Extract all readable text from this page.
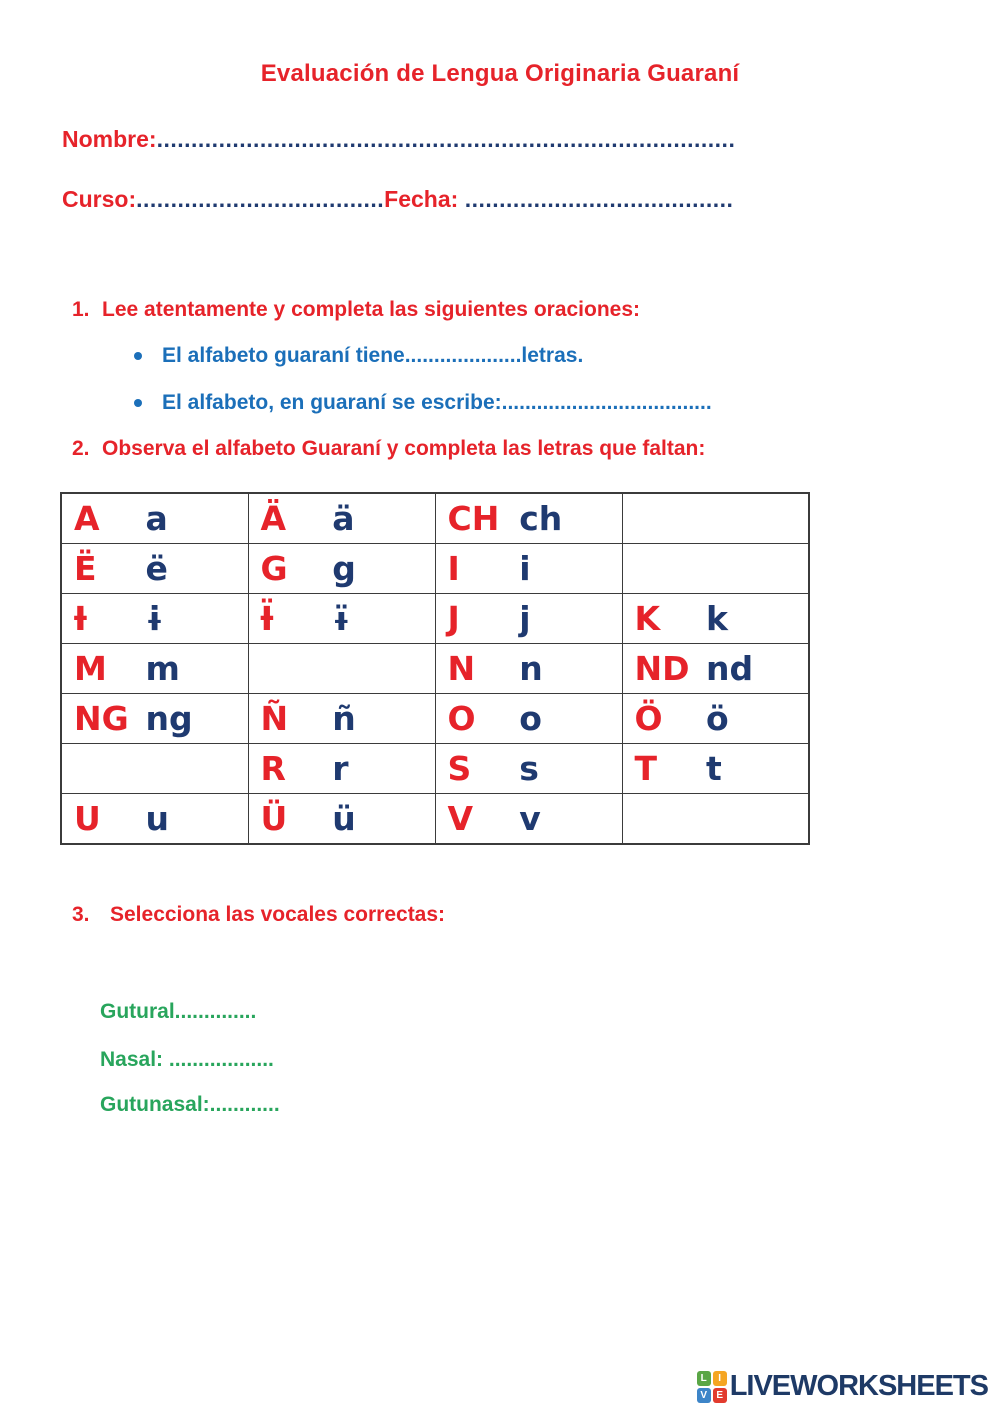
Evaluación de Lengua Originaria Guaraní
Nombre:....................................................................................
Curso:....................................Fecha: .......................................
1. Lee atentamente y completa las siguientes oraciones:
El alfabeto guaraní tiene....................letras.
El alfabeto, en guaraní se escribe:....................................
2. Observa el alfabeto Guaraní y completa las letras que faltan:
A a	Ä ä	CH ch	

Ë ë	G g	I i	

Ɨ ɨ	Ɨ̈ ɨ̈	J j	K k

M m		N n	ND nd

NG ng	Ñ ñ	O o	Ö ö

	R r	S s	T t

U u	Ü ü	V v	

3. Selecciona las vocales correctas:
Gutural..............
Nasal: ..................
Gutunasal:............
L	I
V E LIVEWORKSHEETS
